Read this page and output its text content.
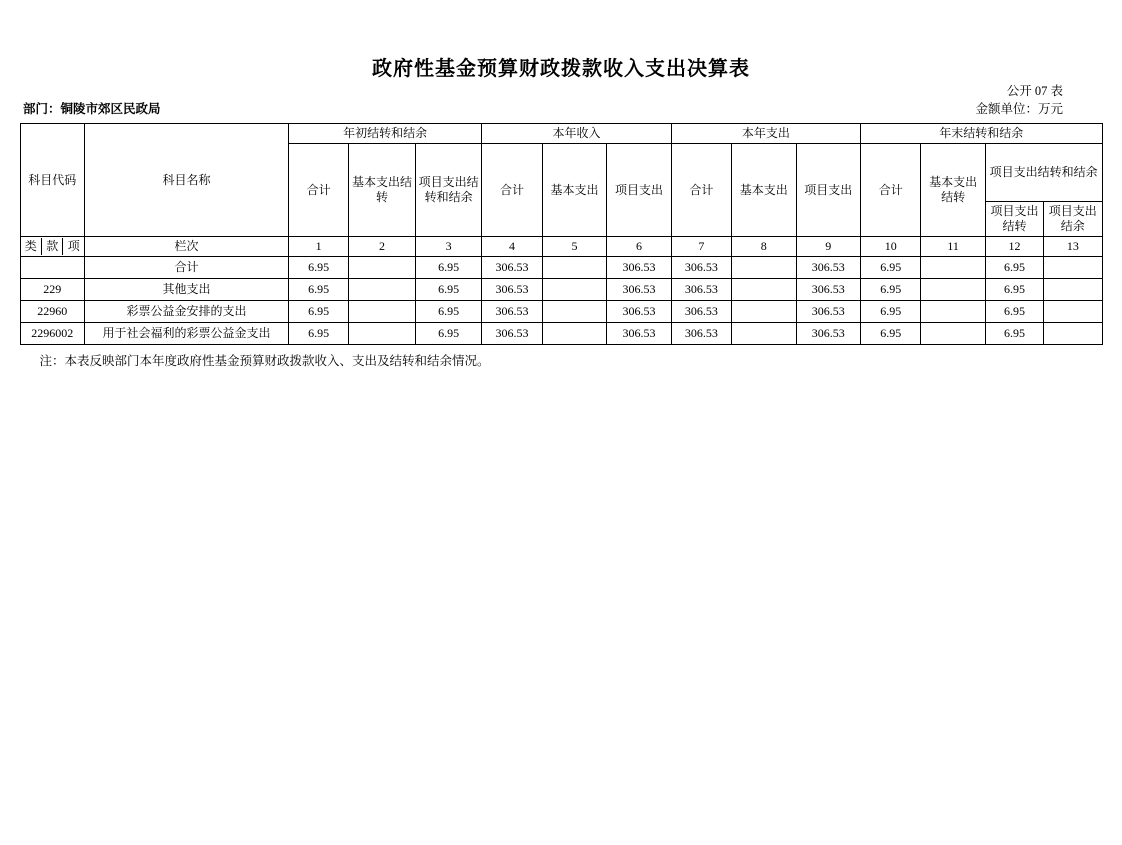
政府性基金预算财政拨款收入支出决算表
公开 07 表
部门：铜陵市郊区民政局	金额单位：万元
科目代码	科目名称	年初结转和结余	本年收入	本年支出	年末结转和结余
合计	基本支出结转	项目支出结转和结余	合计	基本支出	项目支出	合计	基本支出	项目支出	合计	基本支出结转	项目支出结转和结余
项目支出结转	项目支出结余

类	款	项
		栏次	1	2	3	4	5	6	7	8	9	10	11	12	13
	合计	6.95		6.95	306.53		306.53	306.53		306.53	6.95		6.95	
229	其他支出	6.95		6.95	306.53		306.53	306.53		306.53	6.95		6.95	
22960	彩票公益金安排的支出	6.95		6.95	306.53		306.53	306.53		306.53	6.95		6.95	
2296002	用于社会福利的彩票公益金支出	6.95		6.95	306.53		306.53	306.53		306.53	6.95		6.95	
注：本表反映部门本年度政府性基金预算财政拨款收入、支出及结转和结余情况。
